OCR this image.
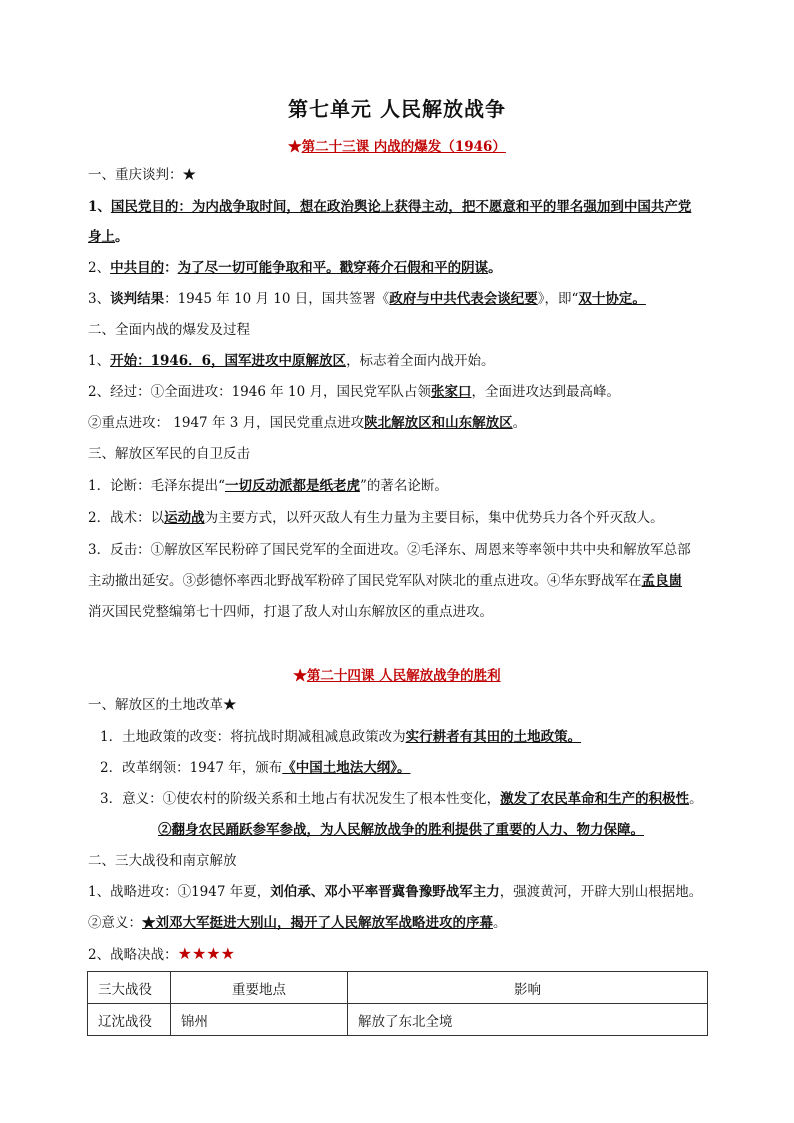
第七单元 人民解放战争
★第二十三课 内战的爆发（1946）
一、重庆谈判：★
1、国民党目的：为内战争取时间，想在政治舆论上获得主动，把不愿意和平的罪名强加到中国共产党
身上。
2、中共目的：为了尽一切可能争取和平。戳穿蒋介石假和平的阴谋。
3、谈判结果：1945 年 10 月 10 日，国共签署《政府与中共代表会谈纪要》，即“双十协定。
二、全面内战的爆发及过程
1、开始：1946．6，国军进攻中原解放区，标志着全面内战开始。
2、经过：①全面进攻：1946 年 10 月，国民党军队占领张家口，全面进攻达到最高峰。
②重点进攻： 1947 年 3 月，国民党重点进攻陕北解放区和山东解放区。
三、解放区军民的自卫反击
1．论断：毛泽东提出“一切反动派都是纸老虎”的著名论断。
2．战术：以运动战为主要方式，以歼灭敌人有生力量为主要目标，集中优势兵力各个歼灭敌人。
3．反击：①解放区军民粉碎了国民党军的全面进攻。②毛泽东、周恩来等率领中共中央和解放军总部
主动撤出延安。③彭德怀率西北野战军粉碎了国民党军队对陕北的重点进攻。④华东野战军在孟良崮
消灭国民党整编第七十四师，打退了敌人对山东解放区的重点进攻。
★第二十四课 人民解放战争的胜利
一、解放区的土地改革★
1．土地政策的改变：将抗战时期减租减息政策改为实行耕者有其田的土地政策。
2．改革纲领：1947 年，颁布《中国土地法大纲》。
3．意义：①使农村的阶级关系和土地占有状况发生了根本性变化，激发了农民革命和生产的积极性。
②翻身农民踊跃参军参战，为人民解放战争的胜利提供了重要的人力、物力保障。
二、三大战役和南京解放
1、战略进攻：①1947 年夏，刘伯承、邓小平率晋冀鲁豫野战军主力，强渡黄河，开辟大别山根据地。
②意义：★刘邓大军挺进大别山，揭开了人民解放军战略进攻的序幕。
2、战略决战：★★★★
三大战役	重要地点	影响
辽沈战役	锦州	解放了东北全境
